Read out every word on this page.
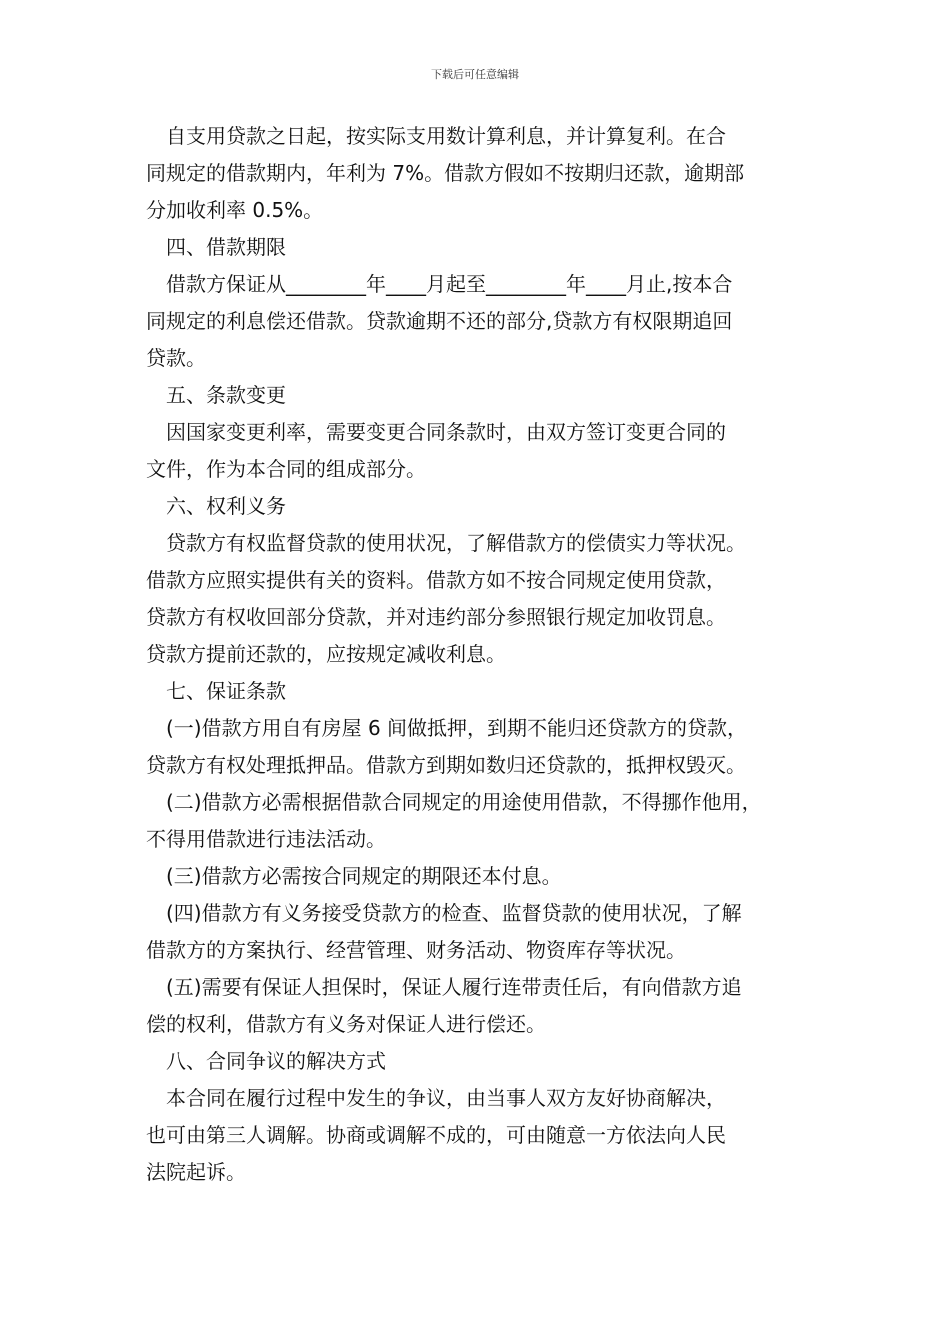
下载后可任意编辑
自支用贷款之日起，按实际支用数计算利息，并计算复利。在合
同规定的借款期内，年利为 7%。借款方假如不按期归还款，逾期部
分加收利率 0.5%。
四、借款期限
借款方保证从________年____月起至________年____月止,按本合
同规定的利息偿还借款。贷款逾期不还的部分,贷款方有权限期追回
贷款。
五、条款变更
因国家变更利率，需要变更合同条款时，由双方签订变更合同的
文件，作为本合同的组成部分。
六、权利义务
贷款方有权监督贷款的使用状况，了解借款方的偿债实力等状况。
借款方应照实提供有关的资料。借款方如不按合同规定使用贷款，
贷款方有权收回部分贷款，并对违约部分参照银行规定加收罚息。
贷款方提前还款的，应按规定减收利息。
七、保证条款
(一)借款方用自有房屋 6 间做抵押，到期不能归还贷款方的贷款，
贷款方有权处理抵押品。借款方到期如数归还贷款的，抵押权毁灭。
(二)借款方必需根据借款合同规定的用途使用借款，不得挪作他用，
不得用借款进行违法活动。
(三)借款方必需按合同规定的期限还本付息。
(四)借款方有义务接受贷款方的检查、监督贷款的使用状况，了解
借款方的方案执行、经营管理、财务活动、物资库存等状况。
(五)需要有保证人担保时，保证人履行连带责任后，有向借款方追
偿的权利，借款方有义务对保证人进行偿还。
八、合同争议的解决方式
本合同在履行过程中发生的争议，由当事人双方友好协商解决，
也可由第三人调解。协商或调解不成的，可由随意一方依法向人民
法院起诉。
